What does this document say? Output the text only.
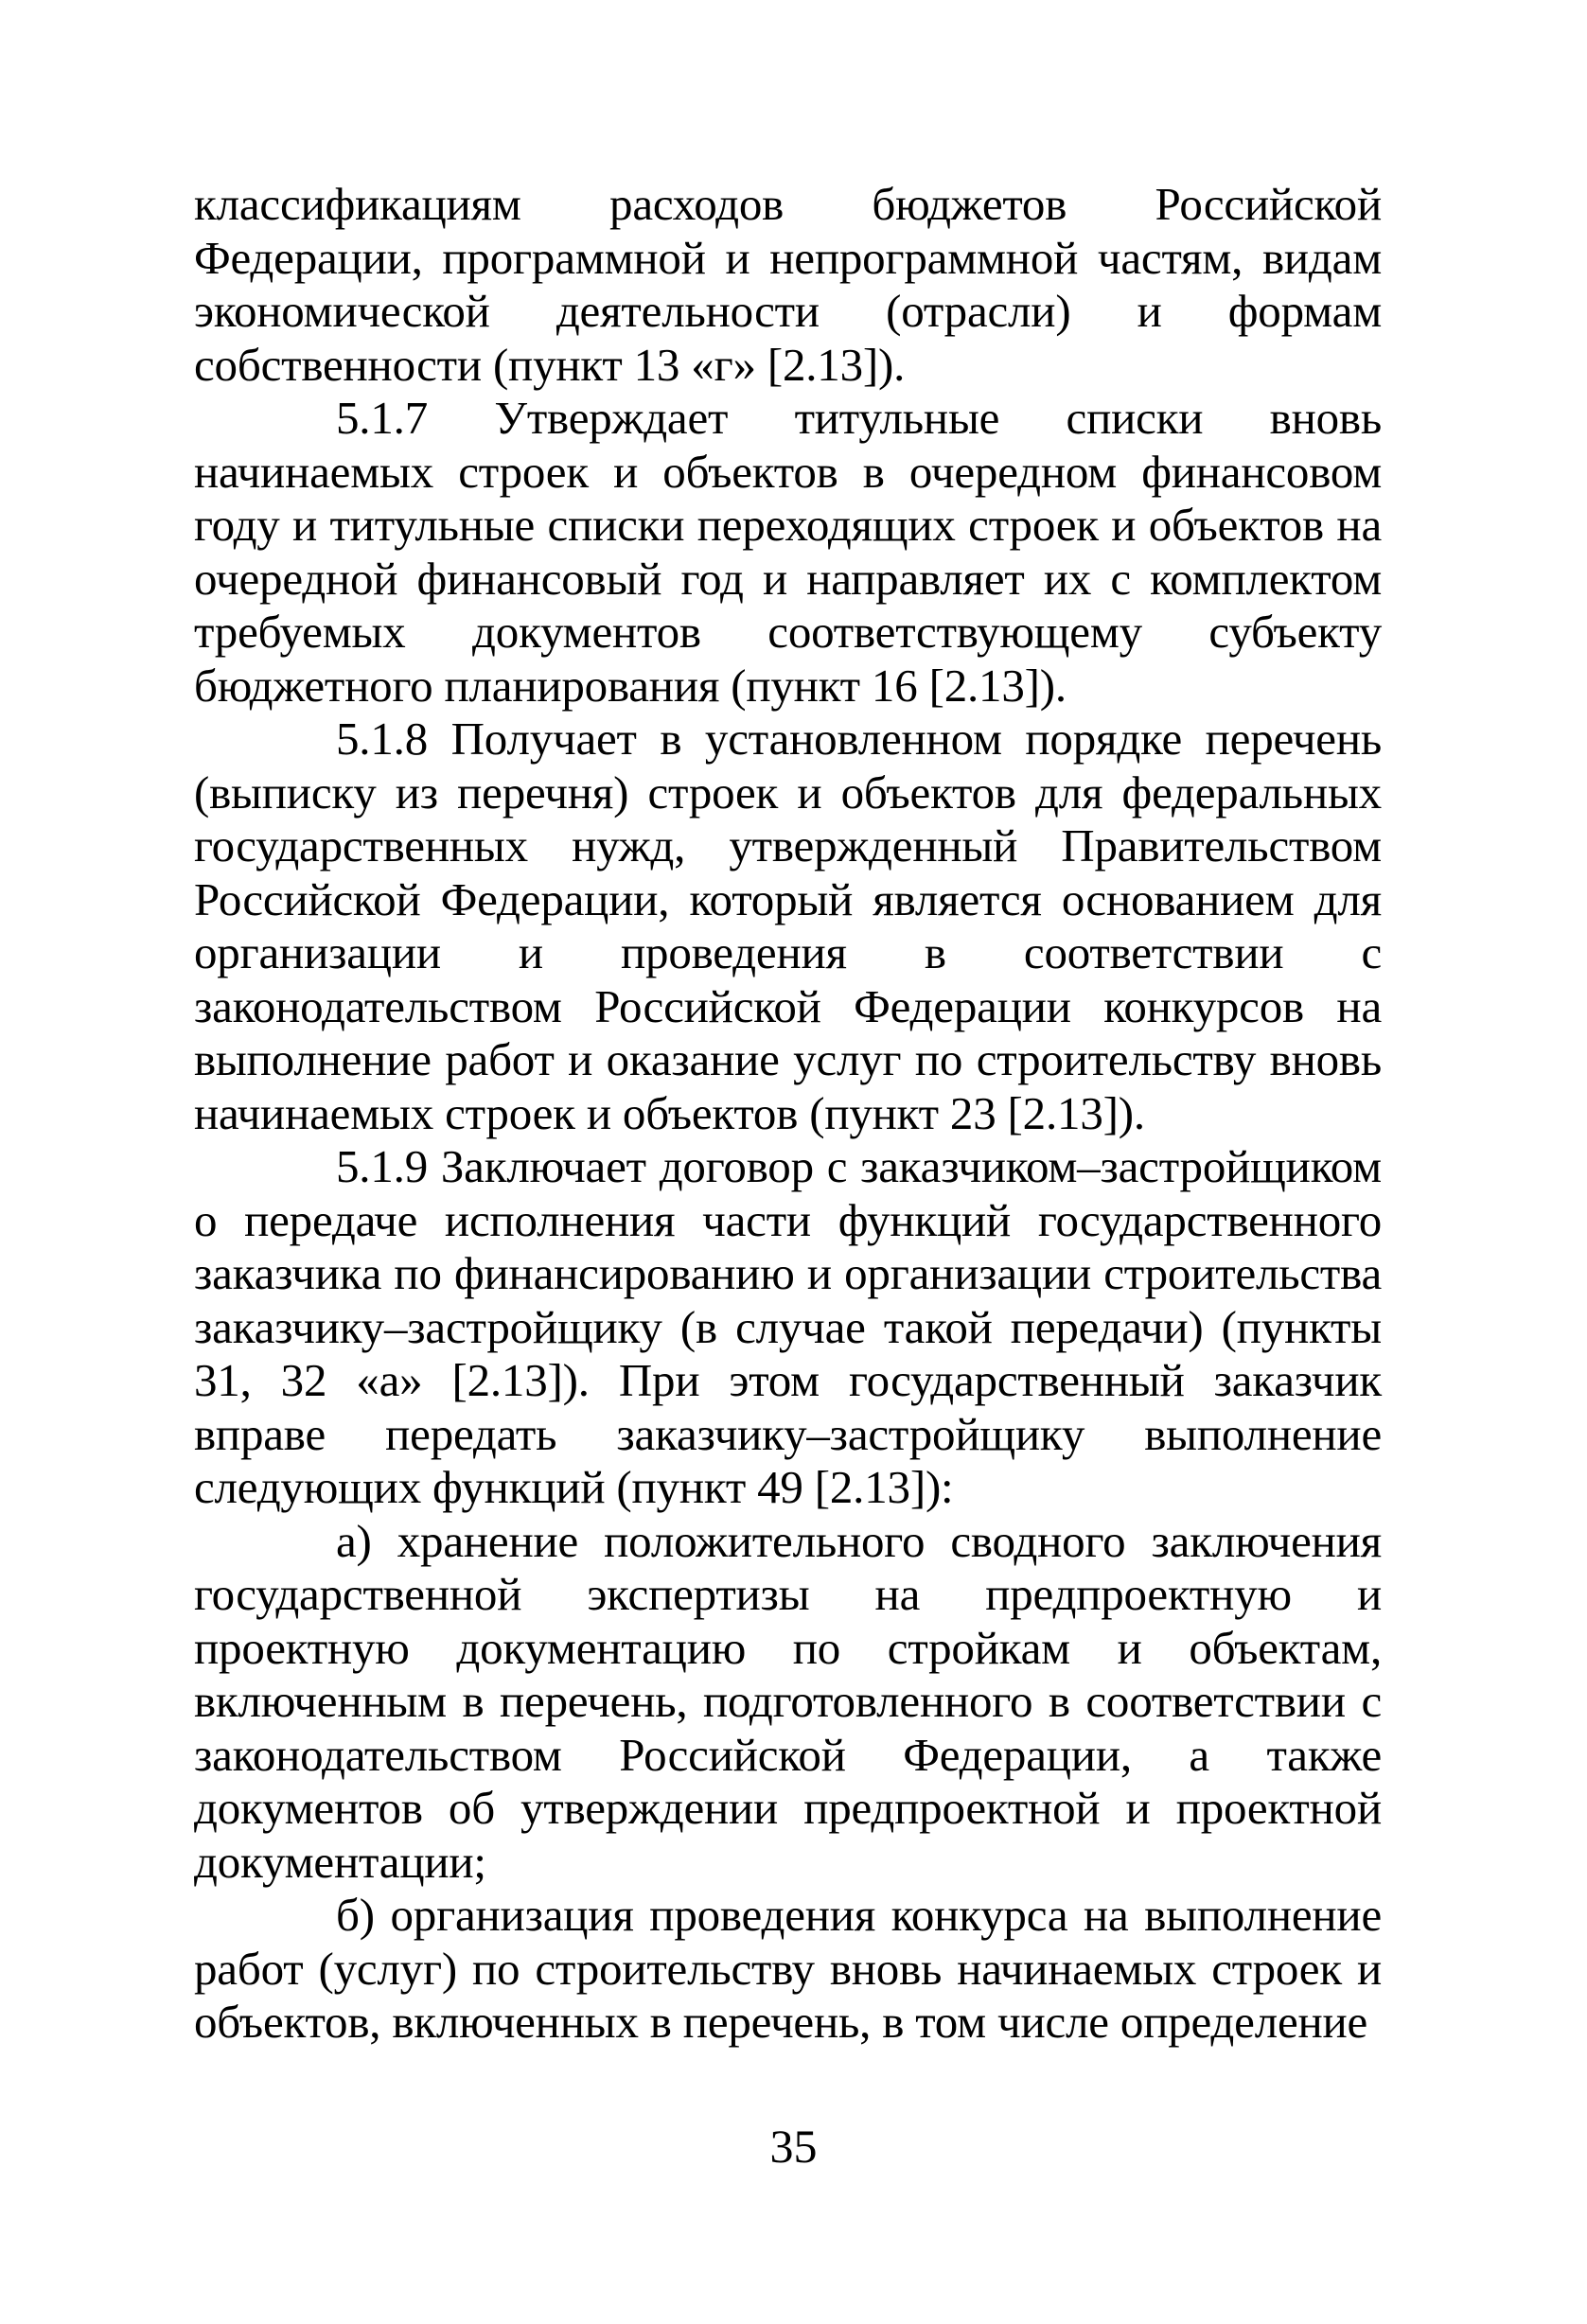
классификациям расходов бюджетов Российской Федерации, программной и непрограммной частям, видам экономической деятельности (отрасли) и формам собственности (пункт 13 «г» [2.13]).

5.1.7 Утверждает титульные списки вновь начинаемых строек и объектов в очередном финансовом году и титульные списки переходящих строек и объектов на очередной финансовый год и направляет их с комплектом требуемых документов соответствующему субъекту бюджетного планирования (пункт 16 [2.13]).

5.1.8 Получает в установленном порядке перечень (выписку из перечня) строек и объектов для федеральных государственных нужд, утвержденный Правительством Российской Федерации, который является основанием для организации и проведения в соответствии с законодательством Российской Федерации конкурсов на выполнение работ и оказание услуг по строительству вновь начинаемых строек и объектов (пункт 23 [2.13]).

5.1.9 Заключает договор с заказчиком–застройщиком о передаче исполнения части функций государственного заказчика по финансированию и организации строительства заказчику–застройщику (в случае такой передачи) (пункты 31, 32 «а» [2.13]). При этом государственный заказчик вправе передать заказчику–застройщику выполнение следующих функций (пункт 49 [2.13]):

а) хранение положительного сводного заключения государственной экспертизы на предпроектную и проектную документацию по стройкам и объектам, включенным в перечень, подготовленного в соответствии с законодательством Российской Федерации, а также документов об утверждении предпроектной и проектной документации;

б) организация проведения конкурса на выполнение работ (услуг) по строительству вновь начинаемых строек и объектов, включенных в перечень, в том числе определение

35
